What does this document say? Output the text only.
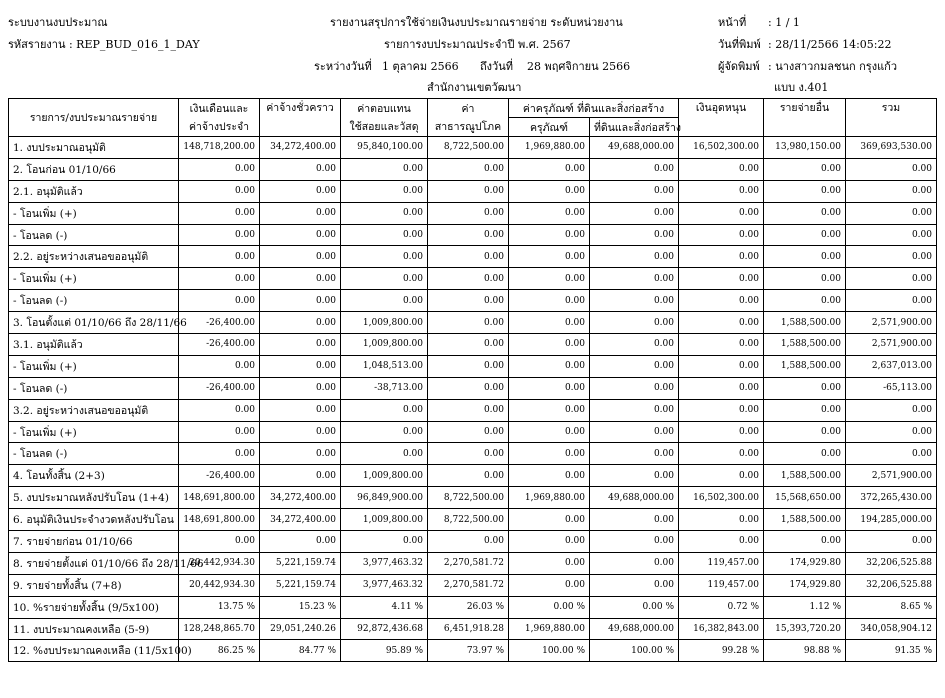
ระบบงานงบประมาณ
รหัสรายงาน : REP_BUD_016_1_DAY
รายงานสรุปการใช้จ่ายเงินงบประมาณรายจ่าย ระดับหน่วยงาน
รายการงบประมาณประจำปี พ.ศ. 2567
ระหว่างวันที่ 1 ตุลาคม 2566 ถึงวันที่ 28 พฤศจิกายน 2566
สำนักงานเขตวัฒนา
หน้าที่ : 1 / 1
วันที่พิมพ์ : 28/11/2566 14:05:22
ผู้จัดพิมพ์ : นางสาวกมลชนก กรุงแก้ว
แบบ ง.401
รายการ/งบประมาณรายจ่าย	เงินเดือนและ	ค่าจ้างชั่วคราว	ค่าตอบแทน	ค่า	ค่าครุภัณฑ์ ที่ดินและสิ่งก่อสร้าง		เงินอุดหนุน	รายจ่ายอื่น	รวม
	ค่าจ้างประจำ		ใช้สอยและวัสดุ	สาธารณูปโภค	ครุภัณฑ์	ที่ดินและสิ่งก่อสร้าง			
1. งบประมาณอนุมัติ	148,718,200.00	34,272,400.00	95,840,100.00	8,722,500.00	1,969,880.00	49,688,000.00	16,502,300.00	13,980,150.00	369,693,530.00
2. โอนก่อน 01/10/66	0.00	0.00	0.00	0.00	0.00	0.00	0.00	0.00	0.00
2.1. อนุมัติแล้ว	0.00	0.00	0.00	0.00	0.00	0.00	0.00	0.00	0.00
- โอนเพิ่ม (+)	0.00	0.00	0.00	0.00	0.00	0.00	0.00	0.00	0.00
- โอนลด (-)	0.00	0.00	0.00	0.00	0.00	0.00	0.00	0.00	0.00
2.2. อยู่ระหว่างเสนอขออนุมัติ	0.00	0.00	0.00	0.00	0.00	0.00	0.00	0.00	0.00
- โอนเพิ่ม (+)	0.00	0.00	0.00	0.00	0.00	0.00	0.00	0.00	0.00
- โอนลด (-)	0.00	0.00	0.00	0.00	0.00	0.00	0.00	0.00	0.00
3. โอนตั้งแต่ 01/10/66 ถึง 28/11/66	-26,400.00	0.00	1,009,800.00	0.00	0.00	0.00	0.00	1,588,500.00	2,571,900.00
3.1. อนุมัติแล้ว	-26,400.00	0.00	1,009,800.00	0.00	0.00	0.00	0.00	1,588,500.00	2,571,900.00
- โอนเพิ่ม (+)	0.00	0.00	1,048,513.00	0.00	0.00	0.00	0.00	1,588,500.00	2,637,013.00
- โอนลด (-)	-26,400.00	0.00	-38,713.00	0.00	0.00	0.00	0.00	0.00	-65,113.00
3.2. อยู่ระหว่างเสนอขออนุมัติ	0.00	0.00	0.00	0.00	0.00	0.00	0.00	0.00	0.00
- โอนเพิ่ม (+)	0.00	0.00	0.00	0.00	0.00	0.00	0.00	0.00	0.00
- โอนลด (-)	0.00	0.00	0.00	0.00	0.00	0.00	0.00	0.00	0.00
4. โอนทั้งสิ้น (2+3)	-26,400.00	0.00	1,009,800.00	0.00	0.00	0.00	0.00	1,588,500.00	2,571,900.00
5. งบประมาณหลังปรับโอน (1+4)	148,691,800.00	34,272,400.00	96,849,900.00	8,722,500.00	1,969,880.00	49,688,000.00	16,502,300.00	15,568,650.00	372,265,430.00
6. อนุมัติเงินประจำงวดหลังปรับโอน	148,691,800.00	34,272,400.00	1,009,800.00	8,722,500.00	0.00	0.00	0.00	1,588,500.00	194,285,000.00
7. รายจ่ายก่อน 01/10/66	0.00	0.00	0.00	0.00	0.00	0.00	0.00	0.00	0.00
8. รายจ่ายตั้งแต่ 01/10/66 ถึง 28/11/66	20,442,934.30	5,221,159.74	3,977,463.32	2,270,581.72	0.00	0.00	119,457.00	174,929.80	32,206,525.88
9. รายจ่ายทั้งสิ้น (7+8)	20,442,934.30	5,221,159.74	3,977,463.32	2,270,581.72	0.00	0.00	119,457.00	174,929.80	32,206,525.88
10. %รายจ่ายทั้งสิ้น (9/5x100)	13.75 %	15.23 %	4.11 %	26.03 %	0.00 %	0.00 %	0.72 %	1.12 %	8.65 %
11. งบประมาณคงเหลือ (5-9)	128,248,865.70	29,051,240.26	92,872,436.68	6,451,918.28	1,969,880.00	49,688,000.00	16,382,843.00	15,393,720.20	340,058,904.12
12. %งบประมาณคงเหลือ (11/5x100)	86.25 %	84.77 %	95.89 %	73.97 %	100.00 %	100.00 %	99.28 %	98.88 %	91.35 %
